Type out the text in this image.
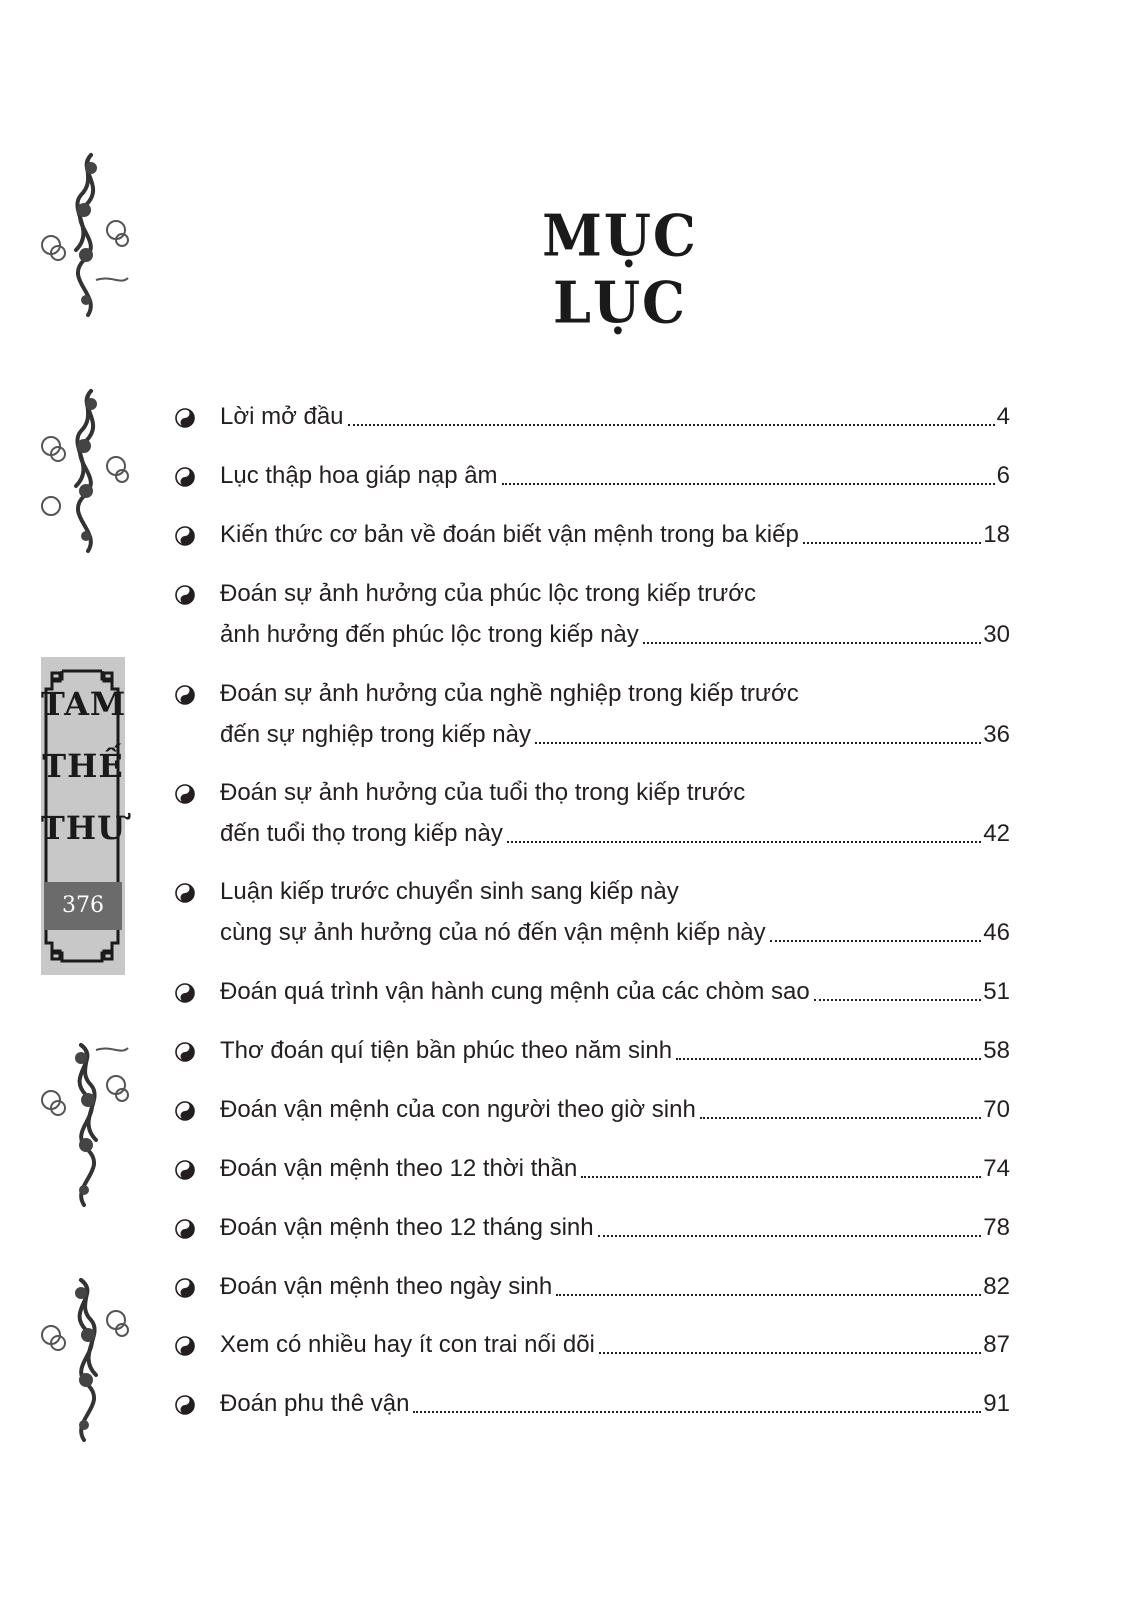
MỤC LỤC
TAM
THẾ
THƯ
376
Lời mở đầu	4
Lục thập hoa giáp nạp âm	6
Kiến thức cơ bản về đoán biết vận mệnh trong ba kiếp	18
Đoán sự ảnh hưởng của phúc lộc trong kiếp trước
ảnh hưởng đến phúc lộc trong kiếp này	30
Đoán sự ảnh hưởng của nghề nghiệp trong kiếp trước
đến sự nghiệp trong kiếp này	36
Đoán sự ảnh hưởng của tuổi thọ trong kiếp trước
đến tuổi thọ trong kiếp này	42
Luận kiếp trước chuyển sinh sang kiếp này
cùng sự ảnh hưởng của nó đến vận mệnh kiếp này	46
Đoán quá trình vận hành cung mệnh của các chòm sao	51
Thơ đoán quí tiện bần phúc theo năm sinh	58
Đoán vận mệnh của con người theo giờ sinh	70
Đoán vận mệnh theo 12 thời thần	74
Đoán vận mệnh theo 12 tháng sinh	78
Đoán vận mệnh theo ngày sinh	82
Xem có nhiều hay ít con trai nối dõi	87
Đoán phu thê vận	91
